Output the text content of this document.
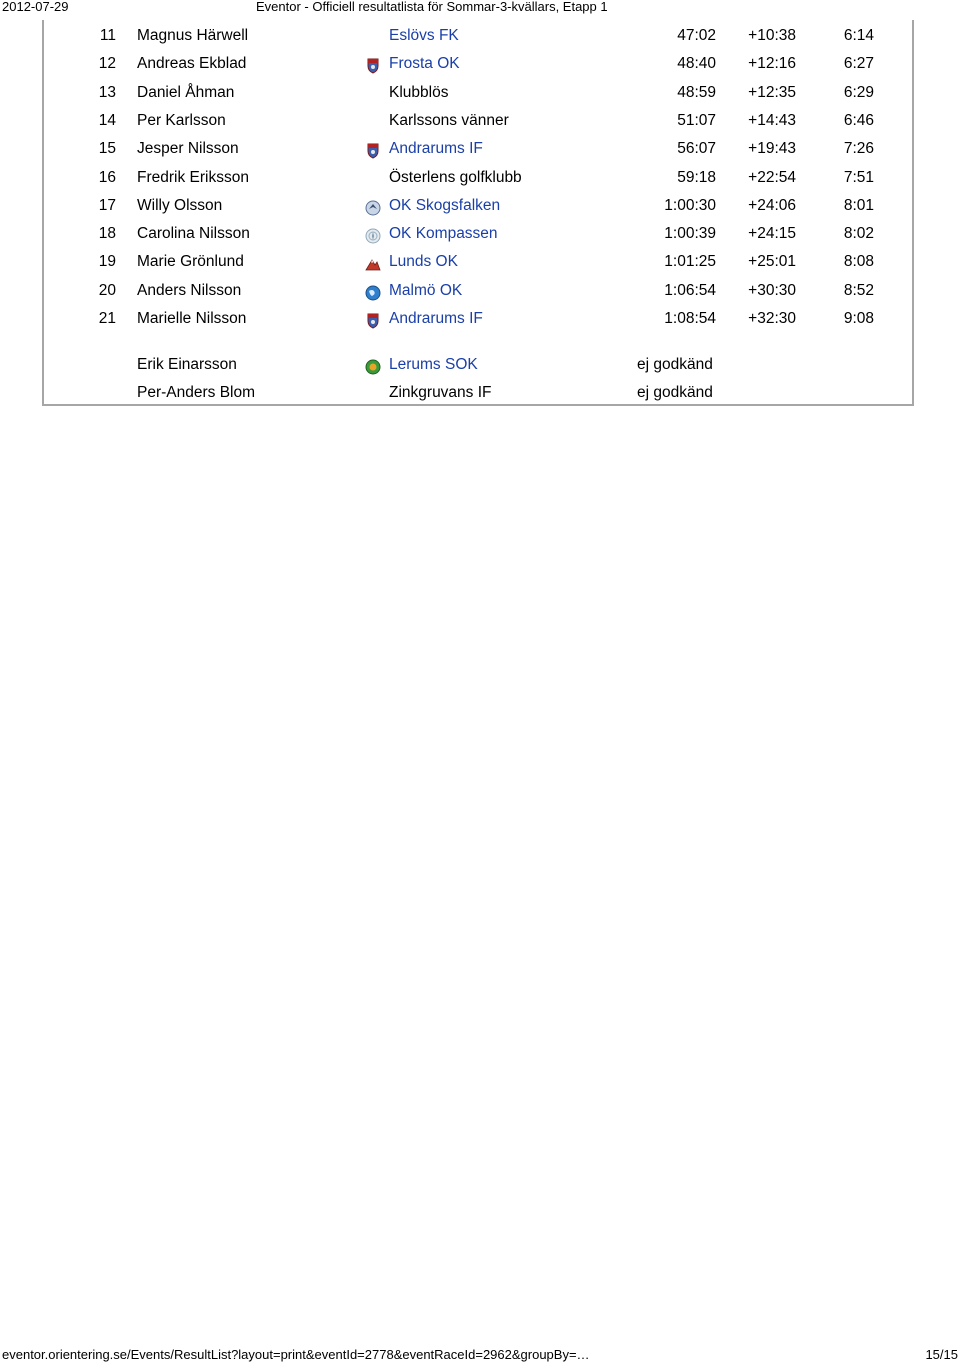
2012-07-29	Eventor - Officiell resultatlista för Sommar-3-kvällars, Etapp 1
11 Magnus Härwell	Eslövs FK	47:02 +10:38	6:14
12 Andreas Ekblad	Frosta OK	48:40 +12:16	6:27
13 Daniel Åhman	Klubblös	48:59 +12:35	6:29
14 Per Karlsson	Karlssons vänner	51:07 +14:43	6:46
15 Jesper Nilsson	Andrarums IF	56:07 +19:43	7:26
16 Fredrik Eriksson	Österlens golfklubb	59:18 +22:54	7:51
17 Willy Olsson	OK Skogsfalken	1:00:30 +24:06	8:01
18 Carolina Nilsson	OK Kompassen	1:00:39 +24:15	8:02
19 Marie Grönlund	Lunds OK	1:01:25 +25:01	8:08
20 Anders Nilsson	Malmö OK	1:06:54 +30:30	8:52
21 Marielle Nilsson	Andrarums IF	1:08:54 +32:30	9:08
Erik Einarsson	Lerums SOK	ej godkänd
Per-Anders Blom	Zinkgruvans IF	ej godkänd
eventor.orientering.se/Events/ResultList?layout=print&eventId=2778&eventRaceId=2962&groupBy=…	15/15
